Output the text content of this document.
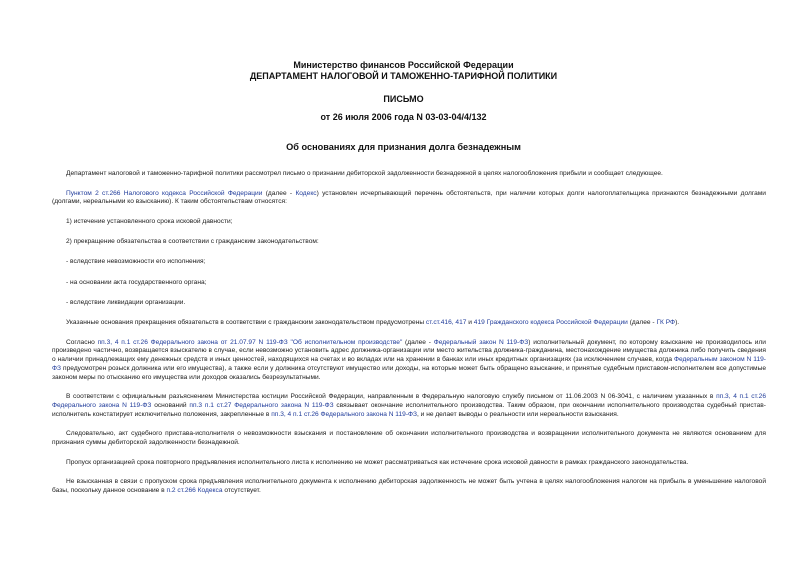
Министерство финансов Российской Федерации
ДЕПАРТАМЕНТ НАЛОГОВОЙ И ТАМОЖЕННО-ТАРИФНОЙ ПОЛИТИКИ
ПИСЬМО
от 26 июля 2006 года N 03-03-04/4/132
Об основаниях для признания долга безнадежным

Департамент налоговой и таможенно-тарифной политики рассмотрел письмо о признании дебиторской задолженности безнадежной в целях налогообложения прибыли и сообщает следующее.

Пунктом 2 ст.266 Налогового кодекса Российской Федерации (далее - Кодекс) установлен исчерпывающий перечень обстоятельств, при наличии которых долги налогоплательщика признаются безнадежными долгами (долгами, нереальными ко взысканию). К таким обстоятельствам относятся:

1) истечение установленного срока исковой давности;

2) прекращение обязательства в соответствии с гражданским законодательством:

- вследствие невозможности его исполнения;

- на основании акта государственного органа;

- вследствие ликвидации организации.

Указанные основания прекращения обязательств в соответствии с гражданским законодательством предусмотрены ст.ст.416, 417 и 419 Гражданского кодекса Российской Федерации (далее - ГК РФ).

Согласно пп.3, 4 п.1 ст.26 Федерального закона от 21.07.97 N 119-ФЗ "Об исполнительном производстве" (далее - Федеральный закон N 119-ФЗ) исполнительный документ, по которому взыскание не производилось или произведено частично, возвращается взыскателю в случае, если невозможно установить адрес должника-организации или место жительства должника-гражданина, местонахождение имущества должника либо получить сведения о наличии принадлежащих ему денежных средств и иных ценностей, находящихся на счетах и во вкладах или на хранении в банках или иных кредитных организациях (за исключением случаев, когда Федеральным законом N 119-ФЗ предусмотрен розыск должника или его имущества), а также если у должника отсутствуют имущество или доходы, на которые может быть обращено взыскание, и принятые судебным приставом-исполнителем все допустимые законом меры по отысканию его имущества или доходов оказались безрезультатными.

В соответствии с официальным разъяснением Министерства юстиции Российской Федерации, направленным в Федеральную налоговую службу письмом от 11.06.2003 N 06-3041, с наличием указанных в пп.3, 4 п.1 ст.26 Федерального закона N 119-ФЗ оснований пп.3 п.1 ст.27 Федерального закона N 119-ФЗ связывает окончание исполнительного производства. Таким образом, при окончании исполнительного производства судебный пристав-исполнитель констатирует исключительно положения, закрепленные в пп.3, 4 п.1 ст.26 Федерального закона N 119-ФЗ, и не делает выводы о реальности или нереальности взыскания.

Следовательно, акт судебного пристава-исполнителя о невозможности взыскания и постановление об окончании исполнительного производства и возвращении исполнительного документа не являются основанием для признания суммы дебиторской задолженности безнадежной.

Пропуск организацией срока повторного предъявления исполнительного листа к исполнению не может рассматриваться как истечение срока исковой давности в рамках гражданского законодательства.

Не взысканная в связи с пропуском срока предъявления исполнительного документа к исполнению дебиторская задолженность не может быть учтена в целях налогообложения налогом на прибыль в уменьшение налоговой базы, поскольку данное основание в п.2 ст.266 Кодекса отсутствует.
